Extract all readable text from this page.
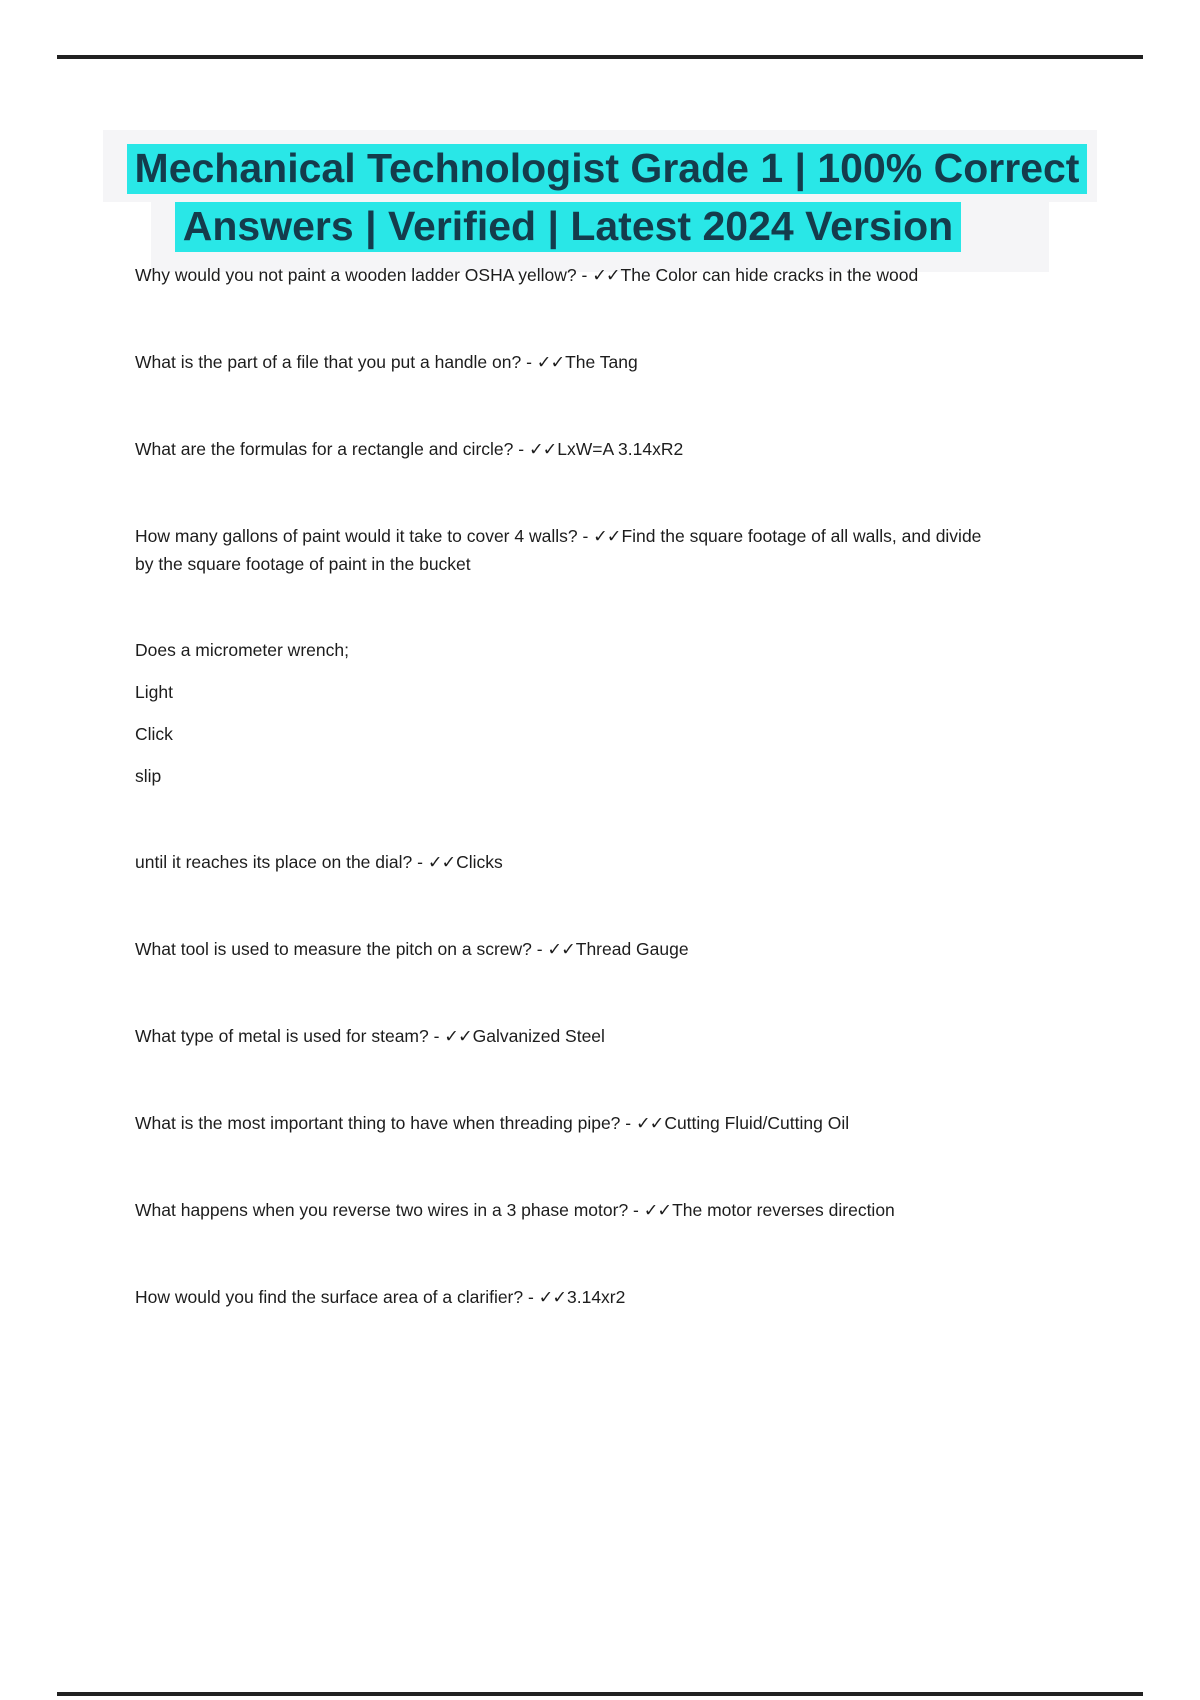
Mechanical Technologist Grade 1 | 100% Correct
Answers | Verified | Latest 2024 Version

Why would you not paint a wooden ladder OSHA yellow? - ✓✓The Color can hide cracks in the wood

What is the part of a file that you put a handle on? - ✓✓The Tang

What are the formulas for a rectangle and circle? - ✓✓LxW=A 3.14xR2

How many gallons of paint would it take to cover 4 walls? - ✓✓Find the square footage of all walls, and divide by the square footage of paint in the bucket

Does a micrometer wrench;

Light

Click

slip

until it reaches its place on the dial? - ✓✓Clicks

What tool is used to measure the pitch on a screw? - ✓✓Thread Gauge

What type of metal is used for steam? - ✓✓Galvanized Steel

What is the most important thing to have when threading pipe? - ✓✓Cutting Fluid/Cutting Oil

What happens when you reverse two wires in a 3 phase motor? - ✓✓The motor reverses direction

How would you find the surface area of a clarifier? - ✓✓3.14xr2
